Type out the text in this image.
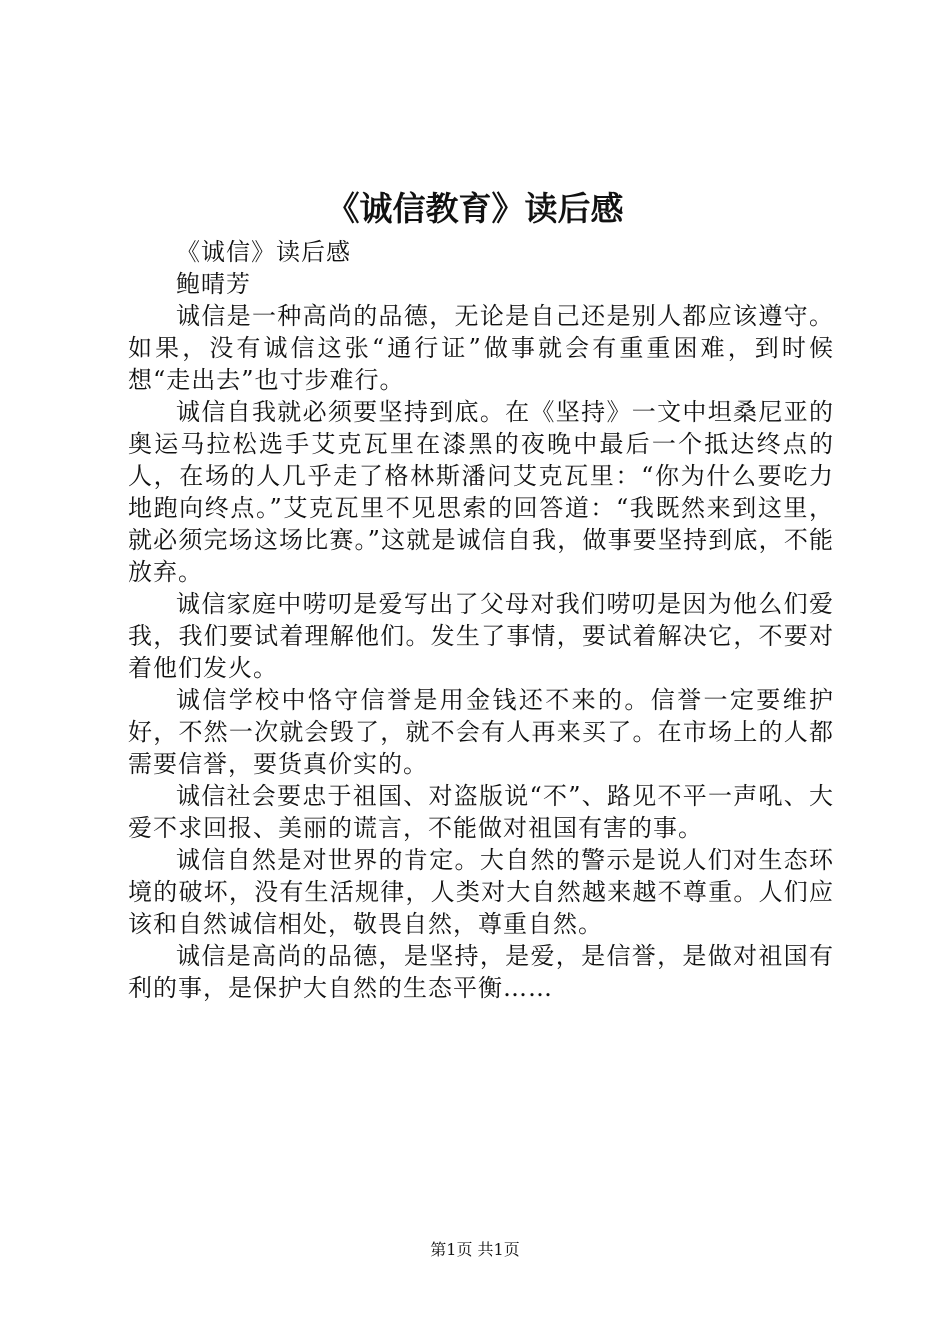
《诚信教育》读后感

《诚信》读后感

鲍晴芳

诚信是一种高尚的品德，无论是自己还是别人都应该遵守。如果，没有诚信这张“通行证”做事就会有重重困难，到时候想“走出去”也寸步难行。

诚信自我就必须要坚持到底。在《坚持》一文中坦桑尼亚的奥运马拉松选手艾克瓦里在漆黑的夜晚中最后一个抵达终点的人，在场的人几乎走了格林斯潘问艾克瓦里：“你为什么要吃力地跑向终点。”艾克瓦里不见思索的回答道：“我既然来到这里，就必须完场这场比赛。”这就是诚信自我，做事要坚持到底，不能放弃。

诚信家庭中唠叨是爱写出了父母对我们唠叨是因为他么们爱我，我们要试着理解他们。发生了事情，要试着解决它，不要对着他们发火。

诚信学校中恪守信誉是用金钱还不来的。信誉一定要维护好，不然一次就会毁了，就不会有人再来买了。在市场上的人都需要信誉，要货真价实的。

诚信社会要忠于祖国、对盗版说“不”、路见不平一声吼、大爱不求回报、美丽的谎言，不能做对祖国有害的事。

诚信自然是对世界的肯定。大自然的警示是说人们对生态环境的破坏，没有生活规律，人类对大自然越来越不尊重。人们应该和自然诚信相处，敬畏自然，尊重自然。

诚信是高尚的品德，是坚持，是爱，是信誉，是做对祖国有利的事，是保护大自然的生态平衡……

第1页 共1页
